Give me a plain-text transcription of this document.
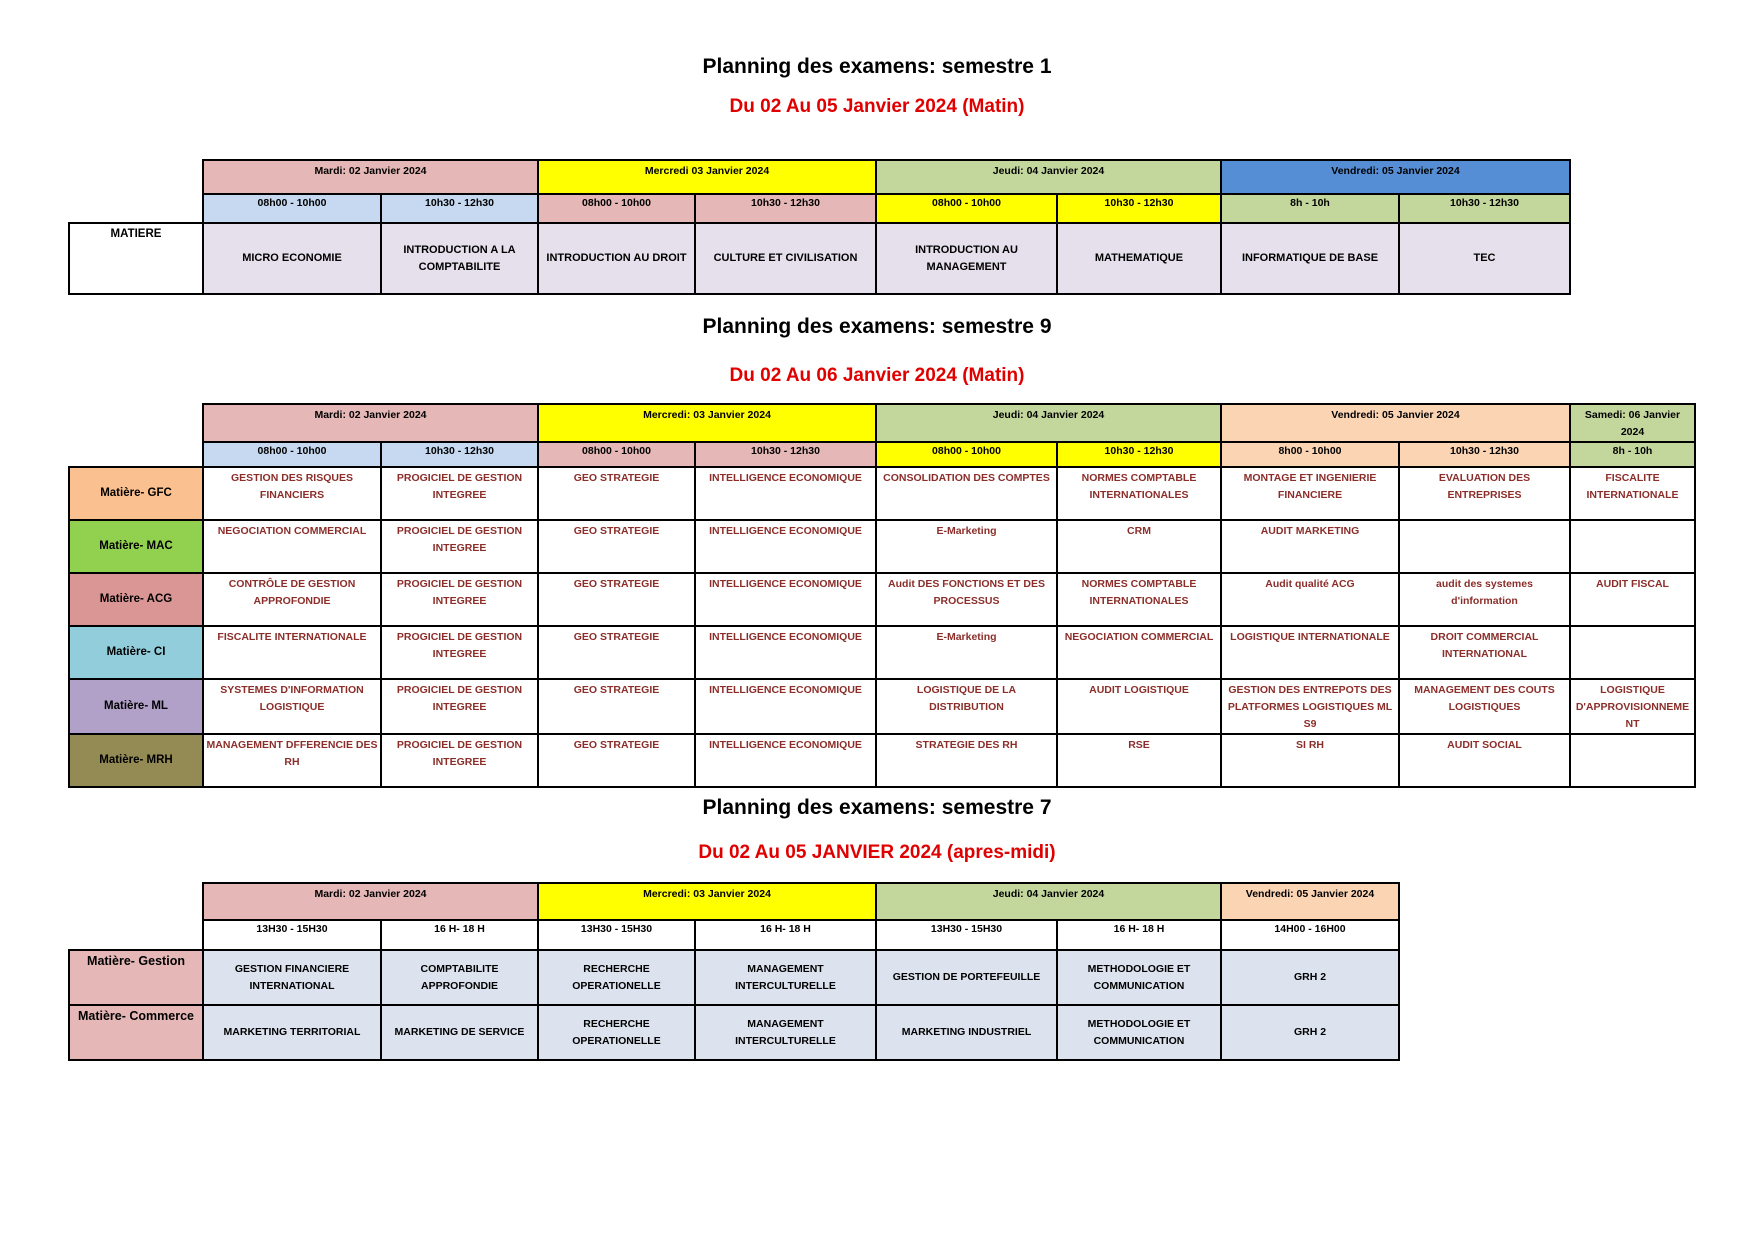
Planning des examens: semestre 1
Du 02 Au 05 Janvier 2024 (Matin)
	Mardi: 02 Janvier 2024		Mercredi 03 Janvier 2024		Jeudi: 04 Janvier 2024		Vendredi: 05 Janvier 2024	
	08h00 - 10h00	10h30 - 12h30	08h00 - 10h00	10h30 - 12h30	08h00 - 10h00	10h30 - 12h30	8h - 10h	10h30 - 12h30
MATIERE	MICRO ECONOMIE	INTRODUCTION A LA COMPTABILITE	INTRODUCTION AU DROIT	CULTURE ET CIVILISATION	INTRODUCTION AU MANAGEMENT	MATHEMATIQUE	INFORMATIQUE DE BASE	TEC
Planning des examens: semestre 9
Du 02 Au 06 Janvier 2024 (Matin)
	Mardi: 02 Janvier 2024		Mercredi: 03 Janvier 2024		Jeudi: 04 Janvier 2024		Vendredi: 05 Janvier 2024		Samedi: 06 Janvier 2024
	08h00 - 10h00	10h30 - 12h30	08h00 - 10h00	10h30 - 12h30	08h00 - 10h00	10h30 - 12h30	8h00 - 10h00	10h30 - 12h30	8h - 10h
Matière- GFC	GESTION DES RISQUES FINANCIERS	PROGICIEL DE GESTION INTEGREE	GEO STRATEGIE	INTELLIGENCE ECONOMIQUE	CONSOLIDATION DES COMPTES	NORMES COMPTABLE INTERNATIONALES	MONTAGE ET INGENIERIE FINANCIERE	EVALUATION DES ENTREPRISES	FISCALITE INTERNATIONALE
Matière- MAC	NEGOCIATION COMMERCIAL	PROGICIEL DE GESTION INTEGREE	GEO STRATEGIE	INTELLIGENCE ECONOMIQUE	E-Marketing	CRM	AUDIT MARKETING		
Matière- ACG	CONTRÔLE DE GESTION APPROFONDIE	PROGICIEL DE GESTION INTEGREE	GEO STRATEGIE	INTELLIGENCE ECONOMIQUE	Audit DES FONCTIONS ET DES PROCESSUS	NORMES COMPTABLE INTERNATIONALES	Audit qualité ACG	audit des systemes d'information	AUDIT FISCAL
Matière- CI	FISCALITE INTERNATIONALE	PROGICIEL DE GESTION INTEGREE	GEO STRATEGIE	INTELLIGENCE ECONOMIQUE	E-Marketing	NEGOCIATION COMMERCIAL	LOGISTIQUE INTERNATIONALE	DROIT COMMERCIAL INTERNATIONAL	
Matière- ML	SYSTEMES D'INFORMATION LOGISTIQUE	PROGICIEL DE GESTION INTEGREE	GEO STRATEGIE	INTELLIGENCE ECONOMIQUE	LOGISTIQUE DE LA DISTRIBUTION	AUDIT LOGISTIQUE	GESTION DES ENTREPOTS DES PLATFORMES LOGISTIQUES ML S9	MANAGEMENT DES COUTS LOGISTIQUES	LOGISTIQUE D'APPROVISIONNEME NT
Matière- MRH	MANAGEMENT DFFERENCIE DES RH	PROGICIEL DE GESTION INTEGREE	GEO STRATEGIE	INTELLIGENCE ECONOMIQUE	STRATEGIE DES RH	RSE	SI RH	AUDIT SOCIAL	
Planning des examens: semestre 7
Du 02 Au 05 JANVIER 2024 (apres-midi)
	Mardi: 02 Janvier 2024		Mercredi: 03 Janvier 2024		Jeudi: 04 Janvier 2024		Vendredi: 05 Janvier 2024
	13H30 - 15H30	16 H- 18 H	13H30 - 15H30	16 H- 18 H	13H30 - 15H30	16 H- 18 H	14H00 - 16H00
Matière- Gestion	GESTION FINANCIERE INTERNATIONAL	COMPTABILITE APPROFONDIE	RECHERCHE OPERATIONELLE	MANAGEMENT INTERCULTURELLE	GESTION DE PORTEFEUILLE	METHODOLOGIE ET COMMUNICATION	GRH 2
Matière- Commerce	MARKETING TERRITORIAL	MARKETING DE SERVICE	RECHERCHE OPERATIONELLE	MANAGEMENT INTERCULTURELLE	MARKETING INDUSTRIEL	METHODOLOGIE ET COMMUNICATION	GRH 2
